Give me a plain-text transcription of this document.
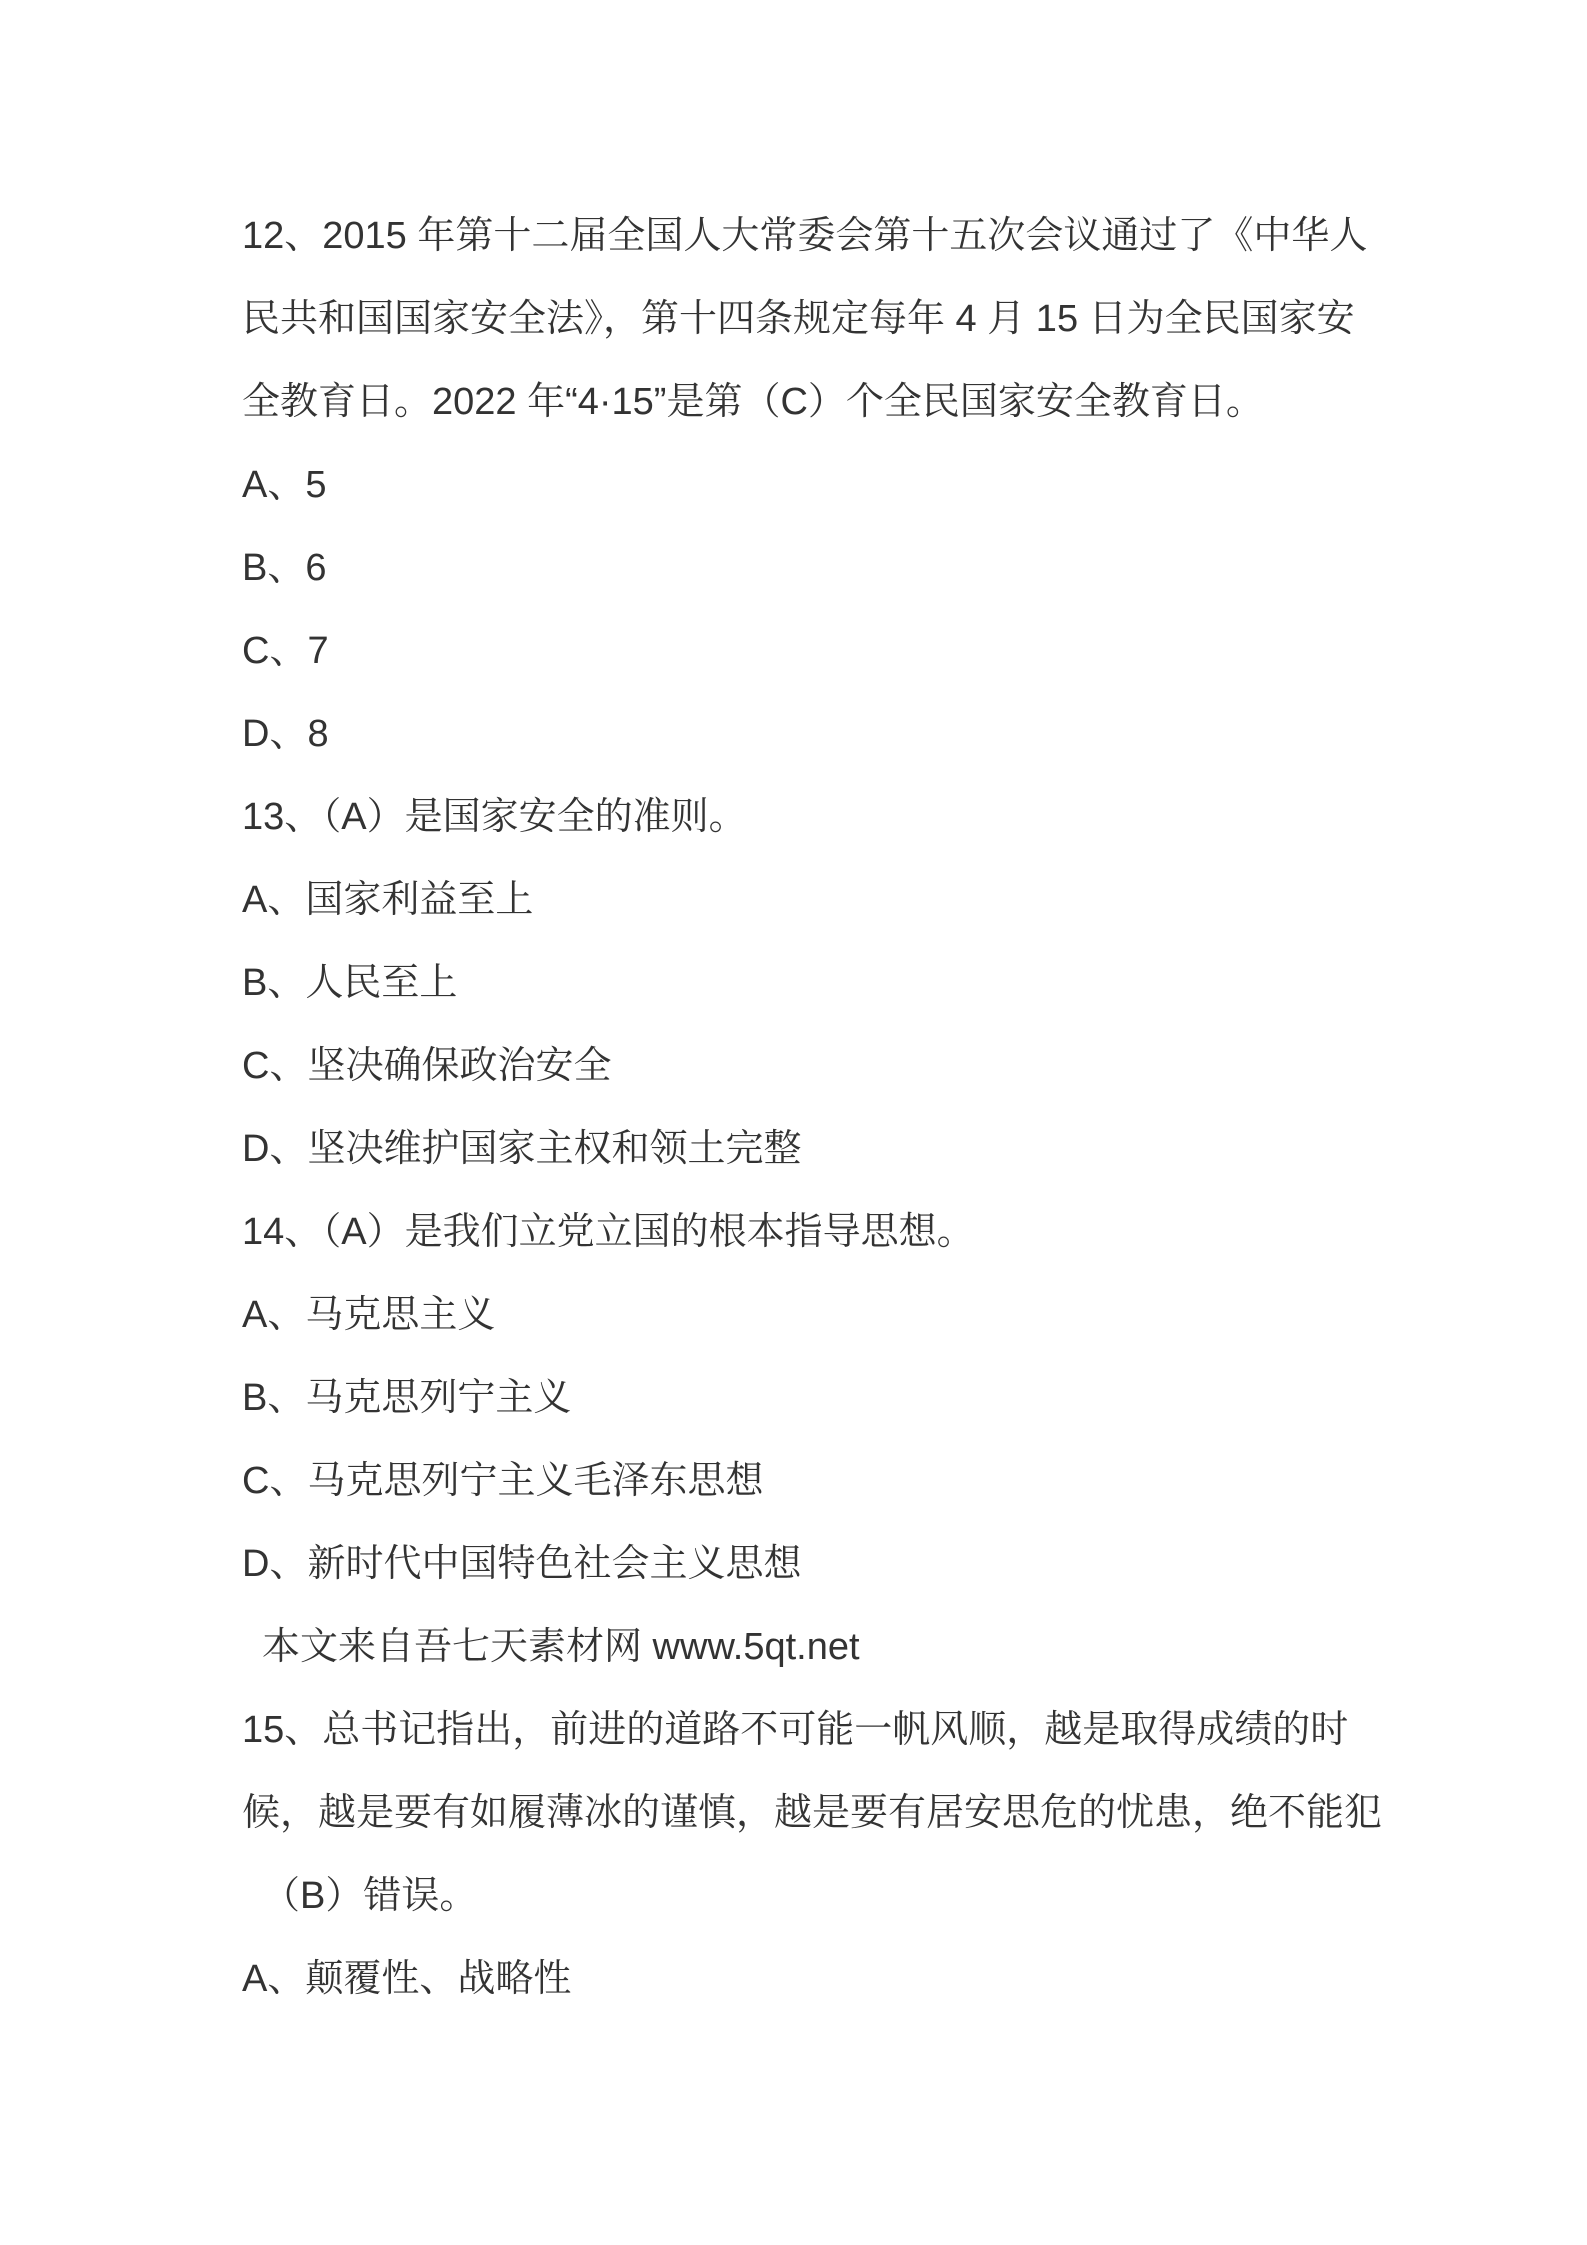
12、2015 年第十二届全国人大常委会第十五次会议通过了《中华人
民共和国国家安全法》，第十四条规定每年 4 月 15 日为全民国家安
全教育日。2022 年“4·15”是第（C）个全民国家安全教育日。
A、5
B、6
C、7
D、8
13、（A）是国家安全的准则。
A、国家利益至上
B、人民至上
C、坚决确保政治安全
D、坚决维护国家主权和领土完整
14、（A）是我们立党立国的根本指导思想。
A、马克思主义
B、马克思列宁主义
C、马克思列宁主义毛泽东思想
D、新时代中国特色社会主义思想
本文来自吾七天素材网 www.5qt.net
15、总书记指出，前进的道路不可能一帆风顺，越是取得成绩的时
候，越是要有如履薄冰的谨慎，越是要有居安思危的忧患，绝不能犯
（B）错误。
A、颠覆性、战略性
